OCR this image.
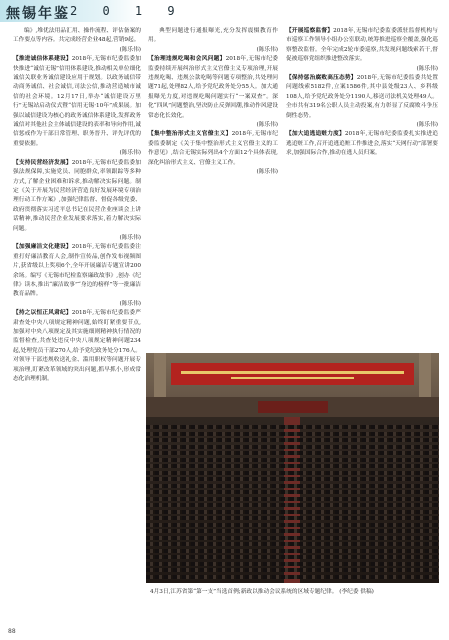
無锡年鉴 2 0 1 9

编》,堆优法用品汇用、操作流程、评估备案的工作要点等内容。共完成经营企业48起,营销9起。

(陈乐伟)

【推进诚信体系建设】2018年,无锡市纪委监委加快推进“诚信无锡”信用体系建设,推动相关单位细化诚信关联业务诚信建设应用于规划。以政务诚信带动商务诚信、社会诚信,司法公信,推动营造城市诚信的社会环境。12月17日,举办“诚信建设万里行”无锡站启动仪式暨“信用无锡·10年”成果展。加强以诚信建设为核心的政务诚信体系建设,发挥政务诚信对其他社会主体诚信建设的表率和导向作用,诚信惩戒作为干部日常管理、职务晋升、评先评优的重要依据。

(陈乐伟)

【支持民营经济发展】2018年,无锡市纪委监委加强法规保障,实施党员、同胞群众,率领跟踪等多种方式,了解企业困难和诉求,推动解决实际问题。制定《关于开展为民营经济营造良好发展环境专项治理行动工作方案》,加强纪律监督、督促各级党委、政府贯彻落实习近平总书记在民营企业座谈会上讲话精神,推动民营企业发展要求落实,着力解决实际问题。

(陈乐伟)

【加强廉洁文化建设】2018年,无锡市纪委监委注重打好廉洁教育人会,制作宣传品,创作发布视频图片,获省级以上奖项6个,全年开展廉洁专题宣讲200余场。编写《无锡市纪检监察廉政故事》,创办《纪律》读本,推出“廉洁故事”“身边的榜样”等一批廉洁教育品牌。

(陈乐伟)

【持之以恒正风肃纪】2018年,无锡市纪委监委严肃查处中央八项规定精神问题,始终盯紧重要节点,加强对中央八项规定及其实施细则精神执行情况的监督检查,共查处违反中央八项规定精神问题234起,处理党员干部270人,给予党纪政务处分176人。对领导干部违规收送礼金、滥用职权等问题开展专项治理,盯紧改革领域的突出问题,抓早抓小,形成常态化治理机制。

典型问题进行通报曝光,充分发挥震慑教育作用。

(陈乐伟)

【治理违规吃喝和会风问题】2018年,无锡市纪委监委持续开展纠治形式主义官僚主义专项治理,开展违规吃喝、违规公款吃喝等问题专项整治,共处理问题71起,处理82人,给予党纪政务处分55人。加大通报曝光力度,对违规吃喝问题实行“一案双查”。深化“四风”问题整治,坚决防止反弹回潮,推动作风建设常态化长效化。

(陈乐伟)

【集中整治形式主义官僚主义】2018年,无锡市纪委监委制定《关于集中整治形式主义官僚主义的工作意见》,结合无锡实际列出4个方面12个具体表现,深化纠治形式主义、官僚主义工作。

(陈乐伟)

【开展巡察监督】2018年,无锡市纪委监委派驻监督机构与市巡察工作领导小组办公室联动,统筹推进巡察全覆盖,强化巡察整改监督。全年完成2轮市委巡察,共发现问题线索若干,督促被巡察党组织推进整改落实。

(陈乐伟)

【保持惩治腐败高压态势】2018年,无锡市纪委监委共处置问题线索5182件,立案1586件,其中县处级23人、乡科级108人,给予党纪政务处分1190人,移送司法机关处理49人。全市共有319名公职人员主动投案,有力彰显了反腐败斗争压倒性态势。

(陈乐伟)

【加大追逃追赃力度】2018年,无锡市纪委监委扎实推进追逃追赃工作,召开追逃追赃工作推进会,落实“天网行动”部署要求,加强国际合作,推动在逃人员归案。

4月3日,江苏省第“第一支”当选首例;新政以推动会议系统的区域专题纪律。 (李纪委 供稿)
88
